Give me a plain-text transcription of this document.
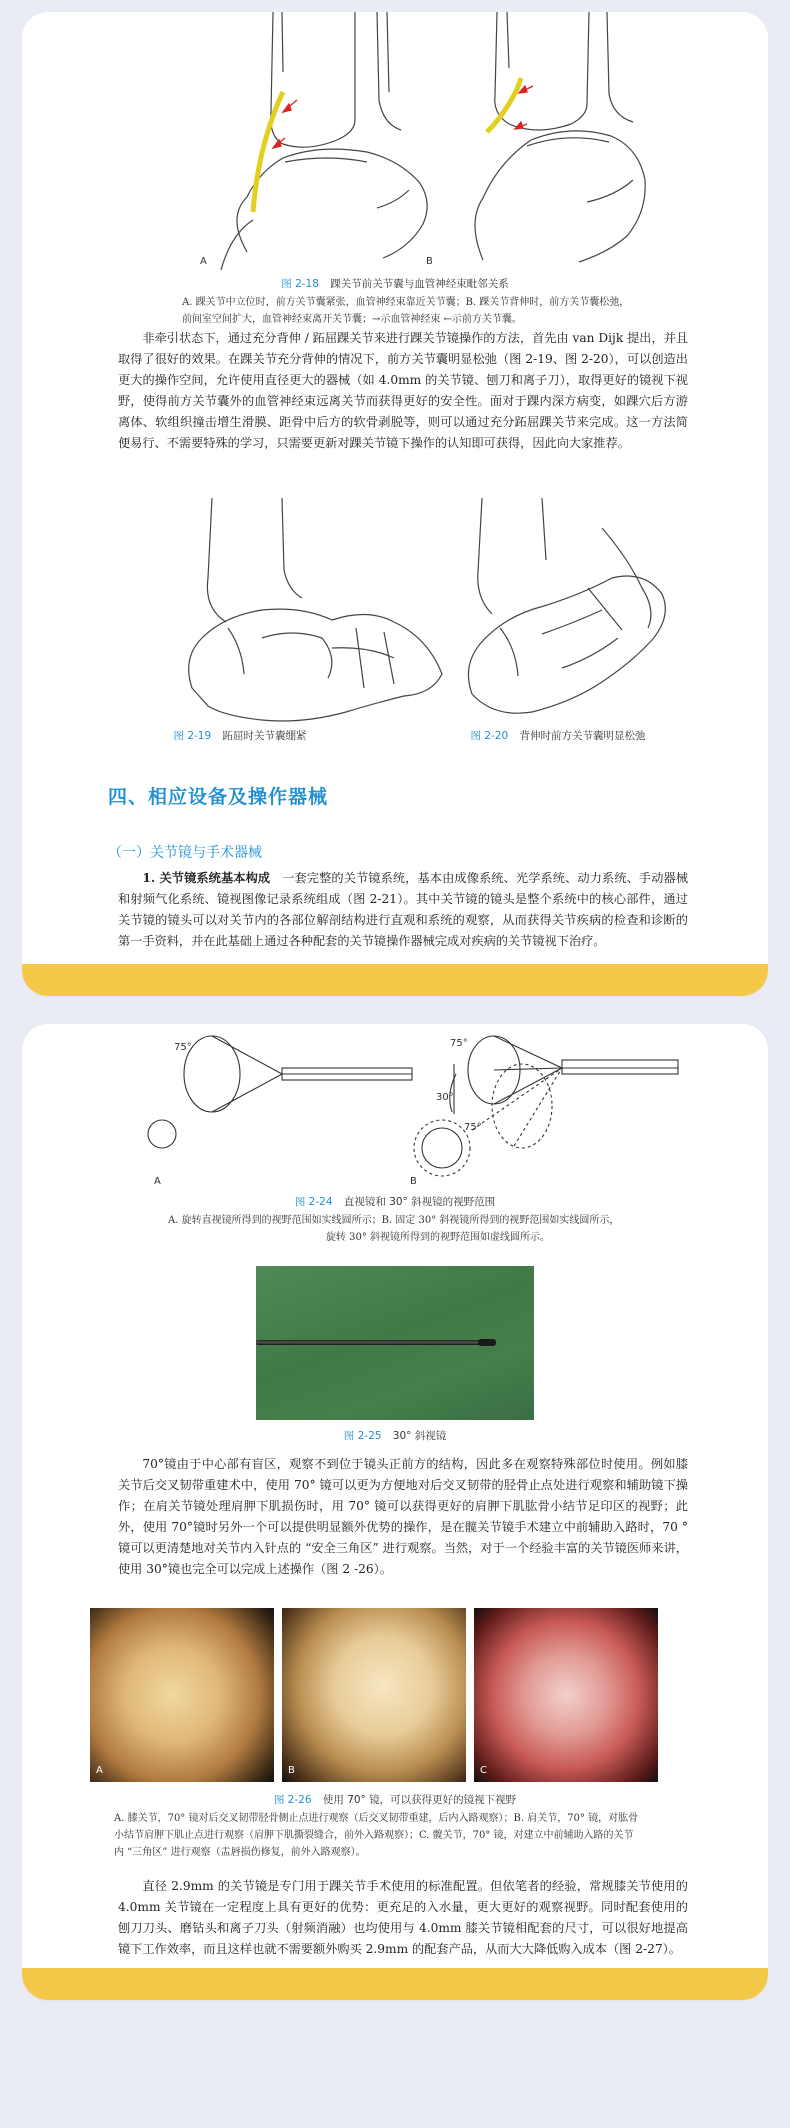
A	B
图 2-18 踝关节前关节囊与血管神经束毗邻关系
A. 踝关节中立位时，前方关节囊紧张，血管神经束靠近关节囊；B. 踝关节背伸时，前方关节囊松弛，
前间室空间扩大，血管神经束离开关节囊；→示血管神经束 ←示前方关节囊。

非牵引状态下，通过充分背伸 / 跖屈踝关节来进行踝关节镜操作的方法，首先由 van Dijk 提出，并且取得了很好的效果。在踝关节充分背伸的情况下，前方关节囊明显松弛（图 2-19、图 2-20），可以创造出更大的操作空间，允许使用直径更大的器械（如 4.0mm 的关节镜、刨刀和离子刀），取得更好的镜视下视野，使得前方关节囊外的血管神经束远离关节而获得更好的安全性。面对于踝内深方病变，如踝穴后方游离体、软组织撞击增生滑膜、距骨中后方的软骨剥脱等，则可以通过充分跖屈踝关节来完成。这一方法简便易行、不需要特殊的学习，只需要更新对踝关节镜下操作的认知即可获得，因此向大家推荐。

图 2-19 跖屈时关节囊绷紧	图 2-20 背伸时前方关节囊明显松弛
四、相应设备及操作器械
（一）关节镜与手术器械

1. 关节镜系统基本构成 一套完整的关节镜系统，基本由成像系统、光学系统、动力系统、手动器械和射频气化系统、镜视图像记录系统组成（图 2-21）。其中关节镜的镜头是整个系统中的核心部件，通过关节镜的镜头可以对关节内的各部位解剖结构进行直观和系统的观察，从而获得关节疾病的检查和诊断的第一手资料，并在此基础上通过各种配套的关节镜操作器械完成对疾病的关节镜视下治疗。

75°	75°
30°
75°
A	B
图 2-24 直视镜和 30° 斜视镜的视野范围
A. 旋转直视镜所得到的视野范围如实线圆所示；B. 固定 30° 斜视镜所得到的视野范围如实线圆所示，
旋转 30° 斜视镜所得到的视野范围如虚线圆所示。
图 2-25 30° 斜视镜

70°镜由于中心部有盲区，观察不到位于镜头正前方的结构，因此多在观察特殊部位时使用。例如膝关节后交叉韧带重建术中，使用 70° 镜可以更为方便地对后交叉韧带的胫骨止点处进行观察和辅助镜下操作；在肩关节镜处理肩胛下肌损伤时，用 70° 镜可以获得更好的肩胛下肌肱骨小结节足印区的视野；此外，使用 70°镜时另外一个可以提供明显额外优势的操作，是在髋关节镜手术建立中前辅助入路时，70 ° 镜可以更清楚地对关节内入针点的 “安全三角区” 进行观察。当然，对于一个经验丰富的关节镜医师来讲，使用 30°镜也完全可以完成上述操作（图 2 -26）。

A	B	C
图 2-26 使用 70° 镜，可以获得更好的镜视下视野
A. 膝关节，70° 镜对后交叉韧带胫骨侧止点进行观察（后交叉韧带重建，后内入路观察）；B. 肩关节，70° 镜，对肱骨
小结节肩胛下肌止点进行观察（肩胛下肌撕裂缝合，前外入路观察）；C. 髋关节，70° 镜，对建立中前辅助入路的关节
内 “三角区” 进行观察（盂唇损伤修复，前外入路观察）。

直径 2.9mm 的关节镜是专门用于踝关节手术使用的标准配置。但依笔者的经验，常规膝关节使用的 4.0mm 关节镜在一定程度上具有更好的优势：更充足的入水量，更大更好的观察视野。同时配套使用的刨刀刀头、磨钻头和离子刀头（射频消融）也均使用与 4.0mm 膝关节镜相配套的尺寸，可以很好地提高镜下工作效率，而且这样也就不需要额外购买 2.9mm 的配套产品，从而大大降低购入成本（图 2-27）。
